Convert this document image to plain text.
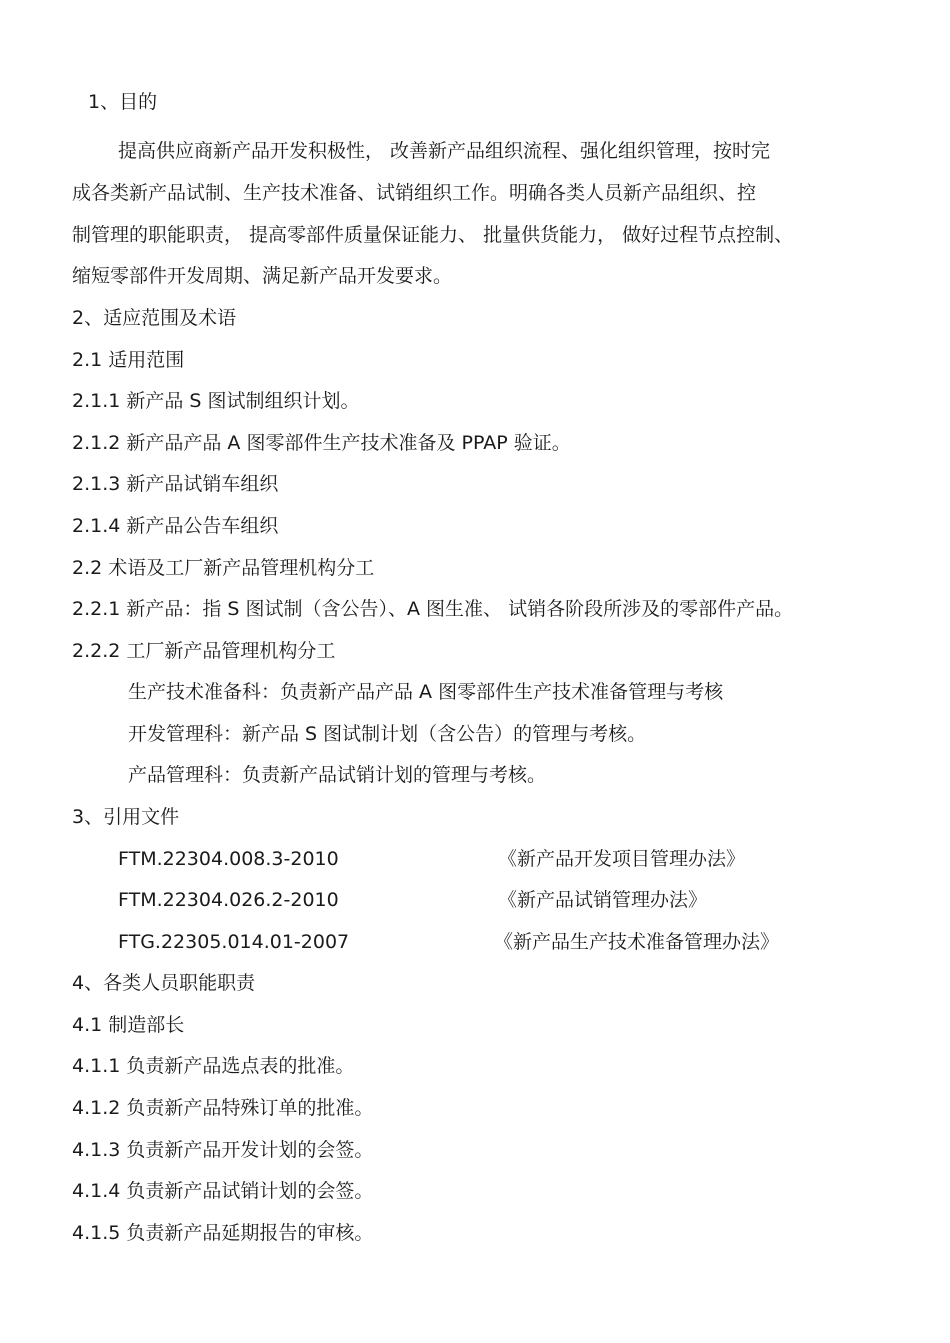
1、目的
提高供应商新产品开发积极性， 改善新产品组织流程、强化组织管理，按时完
成各类新产品试制、生产技术准备、试销组织工作。明确各类人员新产品组织、控
制管理的职能职责， 提高零部件质量保证能力、 批量供货能力， 做好过程节点控制、
缩短零部件开发周期、满足新产品开发要求。
2、适应范围及术语
2.1 适用范围
2.1.1 新产品 S 图试制组织计划。
2.1.2 新产品产品 A 图零部件生产技术准备及 PPAP 验证。
2.1.3 新产品试销车组织
2.1.4 新产品公告车组织
2.2 术语及工厂新产品管理机构分工
2.2.1 新产品：指 S 图试制（含公告）、A 图生准、 试销各阶段所涉及的零部件产品。
2.2.2 工厂新产品管理机构分工
生产技术准备科：负责新产品产品 A 图零部件生产技术准备管理与考核
开发管理科：新产品 S 图试制计划（含公告）的管理与考核。
产品管理科：负责新产品试销计划的管理与考核。
3、引用文件
FTM.22304.008.3-2010	《新产品开发项目管理办法》
FTM.22304.026.2-2010	《新产品试销管理办法》
FTG.22305.014.01-2007	《新产品生产技术准备管理办法》
4、各类人员职能职责
4.1 制造部长
4.1.1 负责新产品选点表的批准。
4.1.2 负责新产品特殊订单的批准。
4.1.3 负责新产品开发计划的会签。
4.1.4 负责新产品试销计划的会签。
4.1.5 负责新产品延期报告的审核。
